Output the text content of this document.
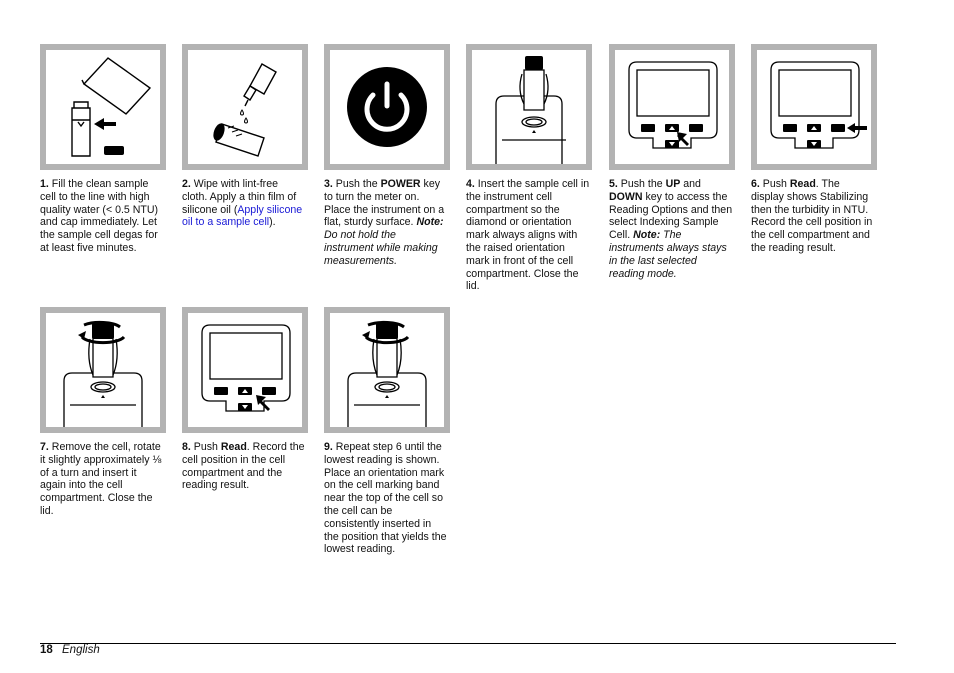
1. Fill the clean sample cell to the line with high quality water (< 0.5 NTU) and cap immediately. Let the sample cell degas for at least five minutes.
2. Wipe with lint-free cloth. Apply a thin film of silicone oil (Apply silicone oil to a sample cell).
3. Push the POWER key to turn the meter on. Place the instrument on a flat, sturdy surface. Note: Do not hold the instrument while making measurements.
4. Insert the sample cell in the instrument cell compartment so the diamond or orientation mark always aligns with the raised orientation mark in front of the cell compartment. Close the lid.
5. Push the UP and DOWN key to access the Reading Options and then select Indexing Sample Cell. Note: The instruments always stays in the last selected reading mode.
6. Push Read. The display shows Stabilizing then the turbidity in NTU. Record the cell position in the cell compartment and the reading result.
7. Remove the cell, rotate it slightly approximately ⅛ of a turn and insert it again into the cell compartment. Close the lid.
8. Push Read. Record the cell position in the cell compartment and the reading result.
9. Repeat step 6 until the lowest reading is shown. Place an orientation mark on the cell marking band near the top of the cell so the cell can be consistently inserted in the position that yields the lowest reading.
18 English
